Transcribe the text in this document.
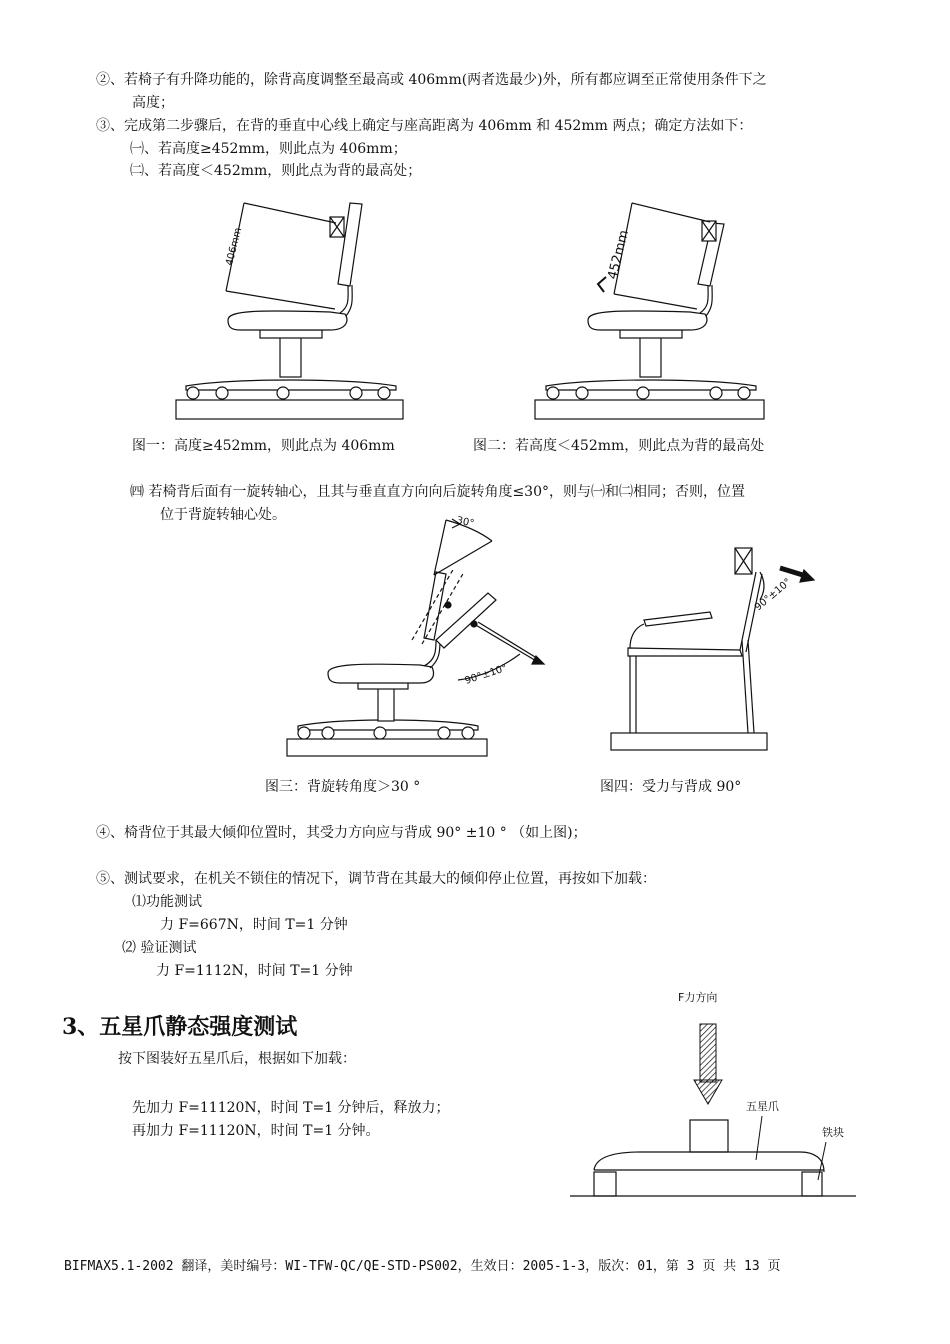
②、若椅子有升降功能的，除背高度调整至最高或 406mm(两者选最少)外，所有都应调至正常使用条件下之
高度；
③、完成第二步骤后，在背的垂直中心线上确定与座高距离为 406mm 和 452mm 两点；确定方法如下：
㈠、若高度≥452mm，则此点为 406mm；
㈡、若高度＜452mm，则此点为背的最高处；
406mm	452mm
图一：高度≥452mm，则此点为 406mm	图二：若高度＜452mm，则此点为背的最高处
㈣ 若椅背后面有一旋转轴心，且其与垂直直方向向后旋转角度≤30°，则与㈠和㈡相同；否则，位置
位于背旋转轴心处。	30°
90°±10°
90°±10°
图三：背旋转角度＞30 °	图四：受力与背成 90°
④、椅背位于其最大倾仰位置时，其受力方向应与背成 90° ±10 ° （如上图)；
⑤、测试要求，在机关不锁住的情况下，调节背在其最大的倾仰停止位置，再按如下加载：
⑴功能测试
力 F=667N，时间 T=1 分钟
⑵ 验证测试
力 F=1112N，时间 T=1 分钟
3、五星爪静态强度测试
按下图装好五星爪后，根据如下加载：
先加力 F=11120N，时间 T=1 分钟后，释放力；
再加力 F=11120N，时间 T=1 分钟。
F力方向
五星爪
铁块
BIFMAX5.1-2002 翻译，美时编号：WI-TFW-QC/QE-STD-PS002，生效日：2005-1-3，版次：01，第 3 页 共 13 页
